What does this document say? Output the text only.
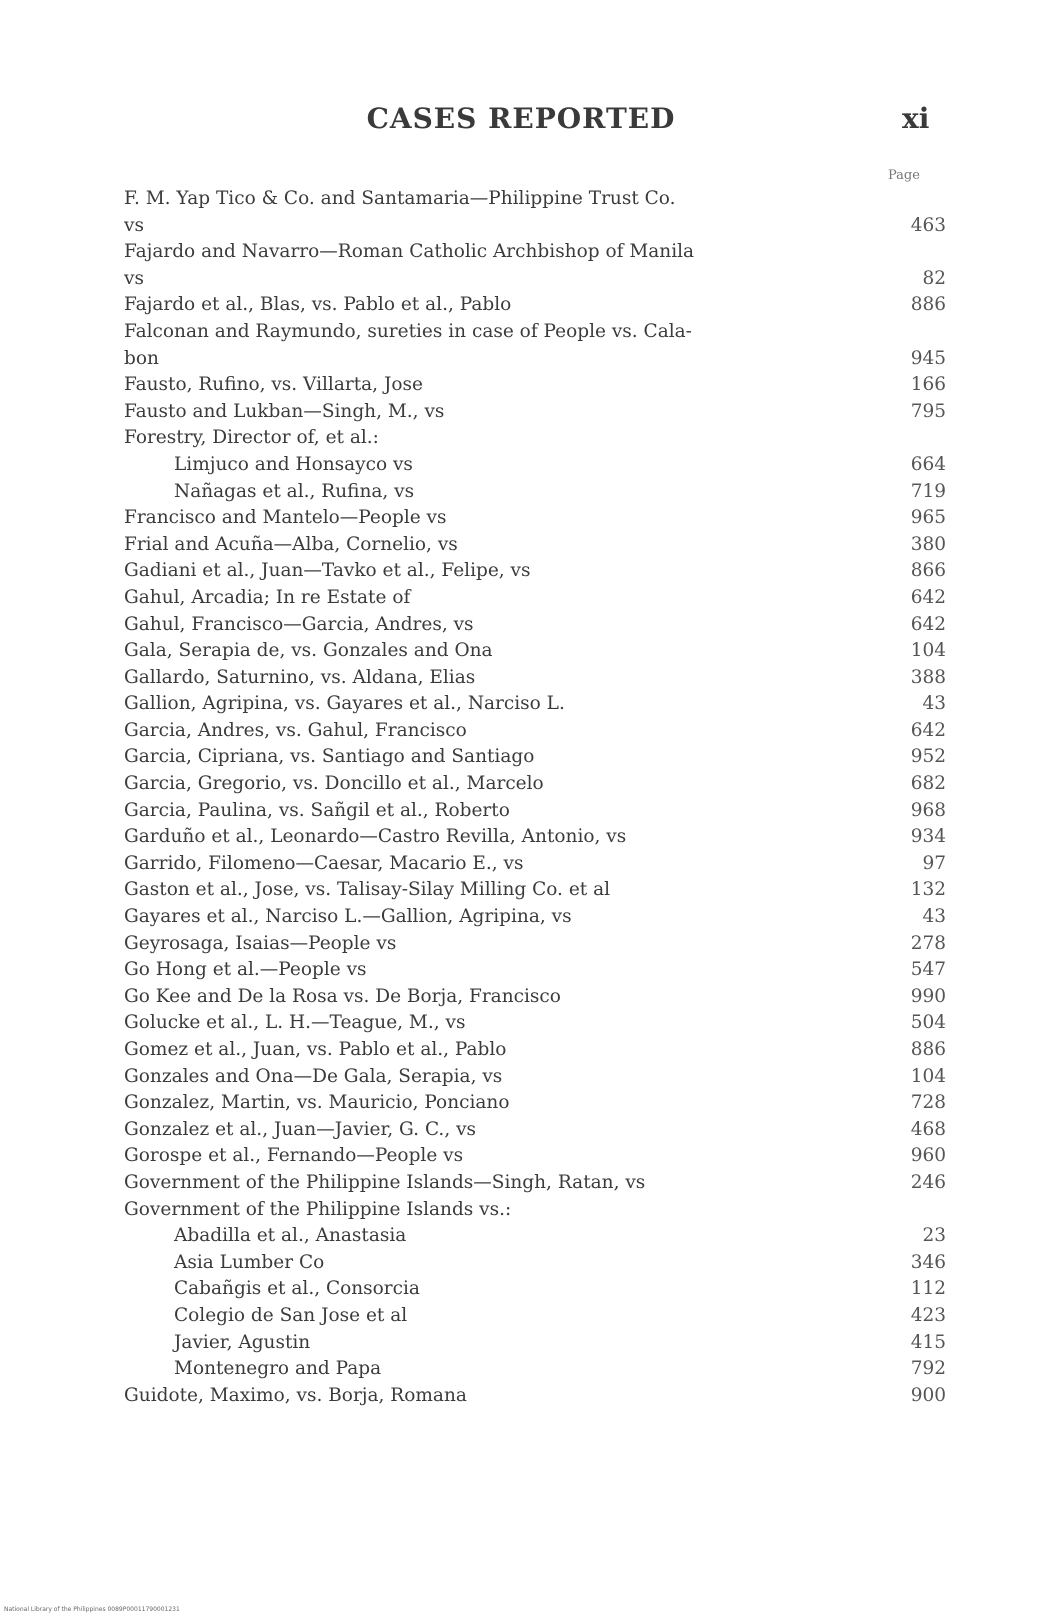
CASES REPORTED	xi
Page
F. M. Yap Tico & Co. and Santamaria—Philippine Trust Co.
vs	463
Fajardo and Navarro—Roman Catholic Archbishop of Manila
vs	82
Fajardo et al., Blas, vs. Pablo et al., Pablo	886
Falconan and Raymundo, sureties in case of People vs. Cala-
bon	945
Fausto, Rufino, vs. Villarta, Jose	166
Fausto and Lukban—Singh, M., vs	795
Forestry, Director of, et al.:
Limjuco and Honsayco vs	664
Nañagas et al., Rufina, vs	719
Francisco and Mantelo—People vs	965
Frial and Acuña—Alba, Cornelio, vs	380
Gadiani et al., Juan—Tavko et al., Felipe, vs	866
Gahul, Arcadia; In re Estate of	642
Gahul, Francisco—Garcia, Andres, vs	642
Gala, Serapia de, vs. Gonzales and Ona	104
Gallardo, Saturnino, vs. Aldana, Elias	388
Gallion, Agripina, vs. Gayares et al., Narciso L.	43
Garcia, Andres, vs. Gahul, Francisco	642
Garcia, Cipriana, vs. Santiago and Santiago	952
Garcia, Gregorio, vs. Doncillo et al., Marcelo	682
Garcia, Paulina, vs. Sañgil et al., Roberto	968
Garduño et al., Leonardo—Castro Revilla, Antonio, vs	934
Garrido, Filomeno—Caesar, Macario E., vs	97
Gaston et al., Jose, vs. Talisay-Silay Milling Co. et al	132
Gayares et al., Narciso L.—Gallion, Agripina, vs	43
Geyrosaga, Isaias—People vs	278
Go Hong et al.—People vs	547
Go Kee and De la Rosa vs. De Borja, Francisco	990
Golucke et al., L. H.—Teague, M., vs	504
Gomez et al., Juan, vs. Pablo et al., Pablo	886
Gonzales and Ona—De Gala, Serapia, vs	104
Gonzalez, Martin, vs. Mauricio, Ponciano	728
Gonzalez et al., Juan—Javier, G. C., vs	468
Gorospe et al., Fernando—People vs	960
Government of the Philippine Islands—Singh, Ratan, vs	246
Government of the Philippine Islands vs.:
Abadilla et al., Anastasia	23
Asia Lumber Co	346
Cabañgis et al., Consorcia	112
Colegio de San Jose et al	423
Javier, Agustin	415
Montenegro and Papa	792
Guidote, Maximo, vs. Borja, Romana	900
National Library of the Philippines 0089P00011790001231
